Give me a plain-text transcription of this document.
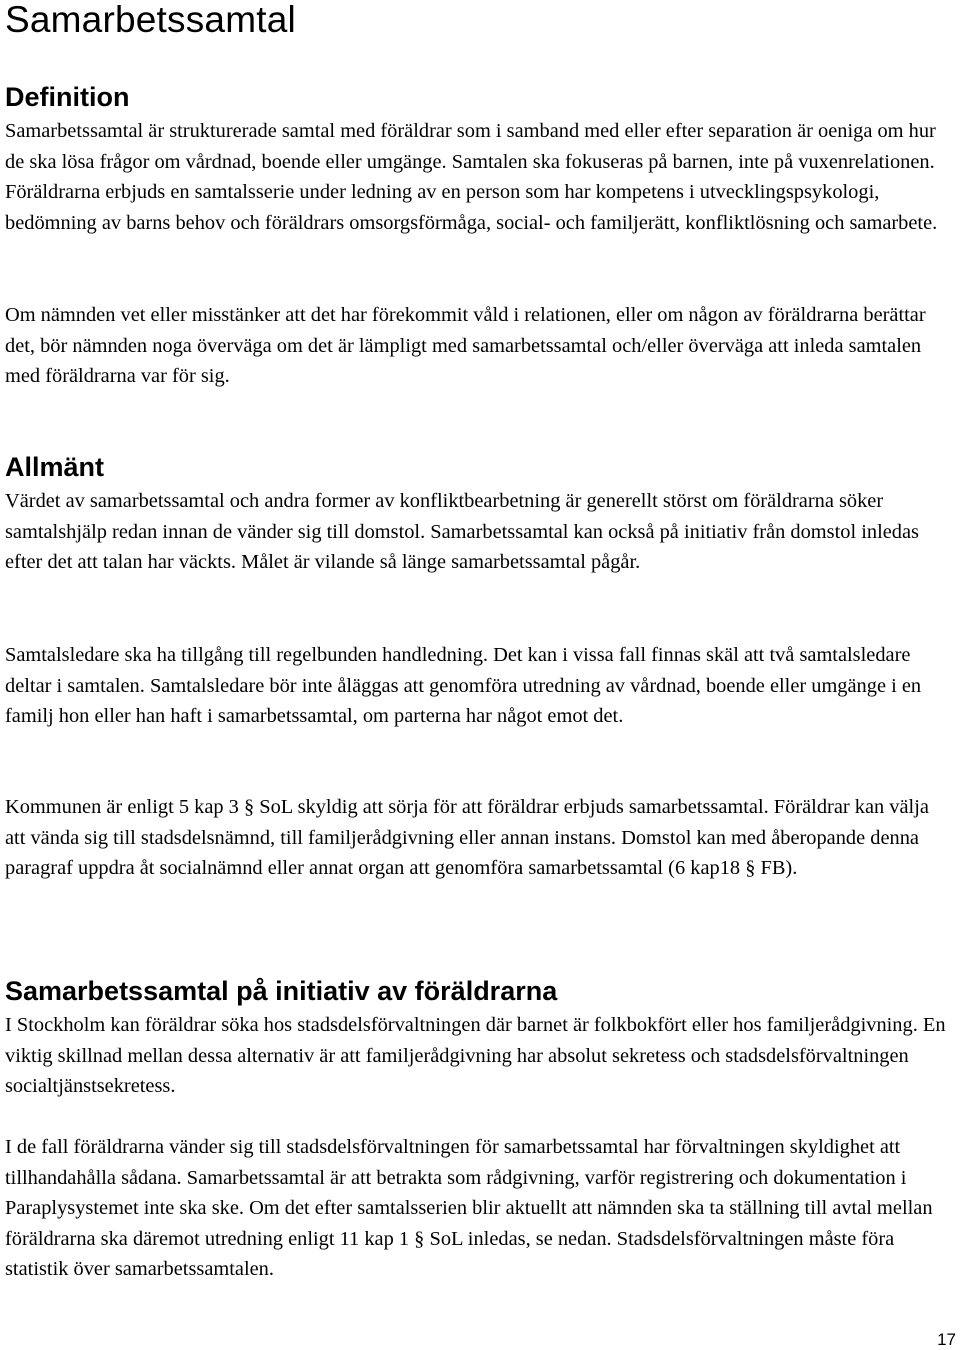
Samarbetssamtal
Definition

Samarbetssamtal är strukturerade samtal med föräldrar som i samband med eller efter separation är oeniga om hur de ska lösa frågor om vårdnad, boende eller umgänge. Samtalen ska fokuseras på barnen, inte på vuxenrelationen. Föräldrarna erbjuds en samtalsserie under ledning av en person som har kompetens i utvecklingspsykologi, bedömning av barns behov och föräldrars omsorgsförmåga, social- och familjerätt, konfliktlösning och samarbete.

Om nämnden vet eller misstänker att det har förekommit våld i relationen, eller om någon av föräldrarna berättar det, bör nämnden noga överväga om det är lämpligt med samarbetssamtal och/eller överväga att inleda samtalen med föräldrarna var för sig.

Allmänt

Värdet av samarbetssamtal och andra former av konfliktbearbetning är generellt störst om föräldrarna söker samtalshjälp redan innan de vänder sig till domstol. Samarbetssamtal kan också på initiativ från domstol inledas efter det att talan har väckts. Målet är vilande så länge samarbetssamtal pågår.

Samtalsledare ska ha tillgång till regelbunden handledning. Det kan i vissa fall finnas skäl att två samtalsledare deltar i samtalen. Samtalsledare bör inte åläggas att genomföra utredning av vårdnad, boende eller umgänge i en familj hon eller han haft i samarbetssamtal, om parterna har något emot det.

Kommunen är enligt 5 kap 3 § SoL skyldig att sörja för att föräldrar erbjuds samarbetssamtal. Föräldrar kan välja att vända sig till stadsdelsnämnd, till familjerådgivning eller annan instans. Domstol kan med åberopande denna paragraf uppdra åt socialnämnd eller annat organ att genomföra samarbetssamtal (6 kap18 § FB).

Samarbetssamtal på initiativ av föräldrarna

I Stockholm kan föräldrar söka hos stadsdelsförvaltningen där barnet är folkbokfört eller hos familjerådgivning. En viktig skillnad mellan dessa alternativ är att familjerådgivning har absolut sekretess och stadsdelsförvaltningen socialtjänstsekretess.

I de fall föräldrarna vänder sig till stadsdelsförvaltningen för samarbetssamtal har förvaltningen skyldighet att tillhandahålla sådana. Samarbetssamtal är att betrakta som rådgivning, varför registrering och dokumentation i Paraplysystemet inte ska ske. Om det efter samtalsserien blir aktuellt att nämnden ska ta ställning till avtal mellan föräldrarna ska däremot utredning enligt 11 kap 1 § SoL inledas, se nedan. Stadsdelsförvaltningen måste föra statistik över samarbetssamtalen.

17
